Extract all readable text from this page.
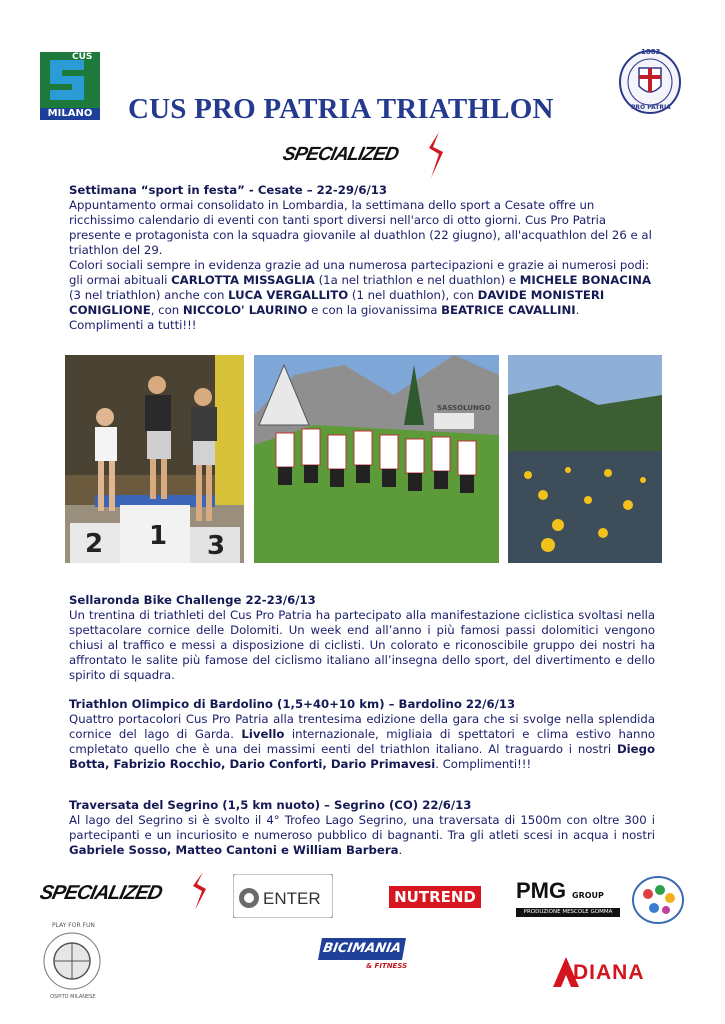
CUS
MILANO CUS PRO PATRIA TRIATHLON
1883
PRO PATRIA
SPECIALIZED
Settimana “sport in festa” - Cesate – 22-29/6/13
Appuntamento ormai consolidato in Lombardia, la settimana dello sport a Cesate offre un ricchissimo calendario di eventi con tanti sport diversi nell'arco di otto giorni. Cus Pro Patria presente e protagonista con la squadra giovanile al duathlon (22 giugno), all'acquathlon del 26 e al triathlon del 29.
Colori sociali sempre in evidenza grazie ad una numerosa partecipazioni e grazie ai numerosi podi: gli ormai abituali CARLOTTA MISSAGLIA (1a nel triathlon e nel duathlon) e MICHELE BONACINA (3 nel triathlon) anche con LUCA VERGALLITO (1 nel duathlon), con DAVIDE MONISTERI CONIGLIONE, con NICCOLO' LAURINO e con la giovanissima BEATRICE CAVALLINI. Complimenti a tutti!!!
2 1 3
SASSOLUNGO
Sellaronda Bike Challenge 22-23/6/13
Un trentina di triathleti del Cus Pro Patria ha partecipato alla manifestazione ciclistica svoltasi nella spettacolare cornice delle Dolomiti. Un week end all’anno i più famosi passi dolomitici vengono chiusi al traffico e messi a disposizione di ciclisti. Un colorato e riconoscibile gruppo dei nostri ha affrontato le salite più famose del ciclismo italiano all’insegna dello sport, del divertimento e dello spirito di squadra.
Triathlon Olimpico di Bardolino (1,5+40+10 km) – Bardolino 22/6/13
Quattro portacolori Cus Pro Patria alla trentesima edizione della gara che si svolge nella splendida cornice del lago di Garda. Livello internazionale, migliaia di spettatori e clima estivo hanno cmpletato quello che è una dei massimi eenti del triathlon italiano. Al traguardo i nostri Diego Botta, Fabrizio Rocchio, Dario Conforti, Dario Primavesi. Complimenti!!!
Traversata del Segrino (1,5 km nuoto) – Segrino (CO) 22/6/13
Al lago del Segrino si è svolto il 4° Trofeo Lago Segrino, una traversata di 1500m con oltre 300 i partecipanti e un incuriosito e numeroso pubblico di bagnanti. Tra gli atleti scesi in acqua i nostri Gabriele Sosso, Matteo Cantoni e William Barbera.
SPECIALIZED	ENTER	NUTREND PMG GROUP
PRODUZIONE MESCOLE GOMMA
PLAY FOR FUN
OSPITO MILANESE
BICIMANIA
& FITNESS	DIANA
